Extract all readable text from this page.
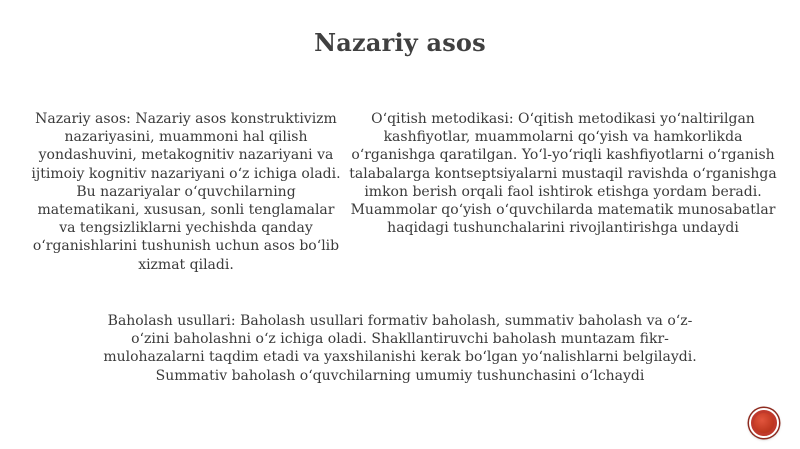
Nazariy asos
Nazariy asos: Nazariy asos konstruktivizm nazariyasini, muammoni hal qilish yondashuvini, metakognitiv nazariyani va ijtimoiy kognitiv nazariyani o‘z ichiga oladi. Bu nazariyalar o‘quvchilarning matematikani, xususan, sonli tenglamalar va tengsizliklarni yechishda qanday o‘rganishlarini tushunish uchun asos bo‘lib xizmat qiladi.
O‘qitish metodikasi: O‘qitish metodikasi yo‘naltirilgan kashfiyotlar, muammolarni qo‘yish va hamkorlikda o‘rganishga qaratilgan. Yo‘l-yo‘riqli kashfiyotlarni o‘rganish talabalarga kontseptsiyalarni mustaqil ravishda o‘rganishga imkon berish orqali faol ishtirok etishga yordam beradi. Muammolar qo‘yish o‘quvchilarda matematik munosabatlar haqidagi tushunchalarini rivojlantirishga undaydi
Baholash usullari: Baholash usullari formativ baholash, summativ baholash va o‘z-o‘zini baholashni o‘z ichiga oladi. Shakllantiruvchi baholash muntazam fikr-mulohazalarni taqdim etadi va yaxshilanishi kerak bo‘lgan yo‘nalishlarni belgilaydi. Summativ baholash o‘quvchilarning umumiy tushunchasini o‘lchaydi
